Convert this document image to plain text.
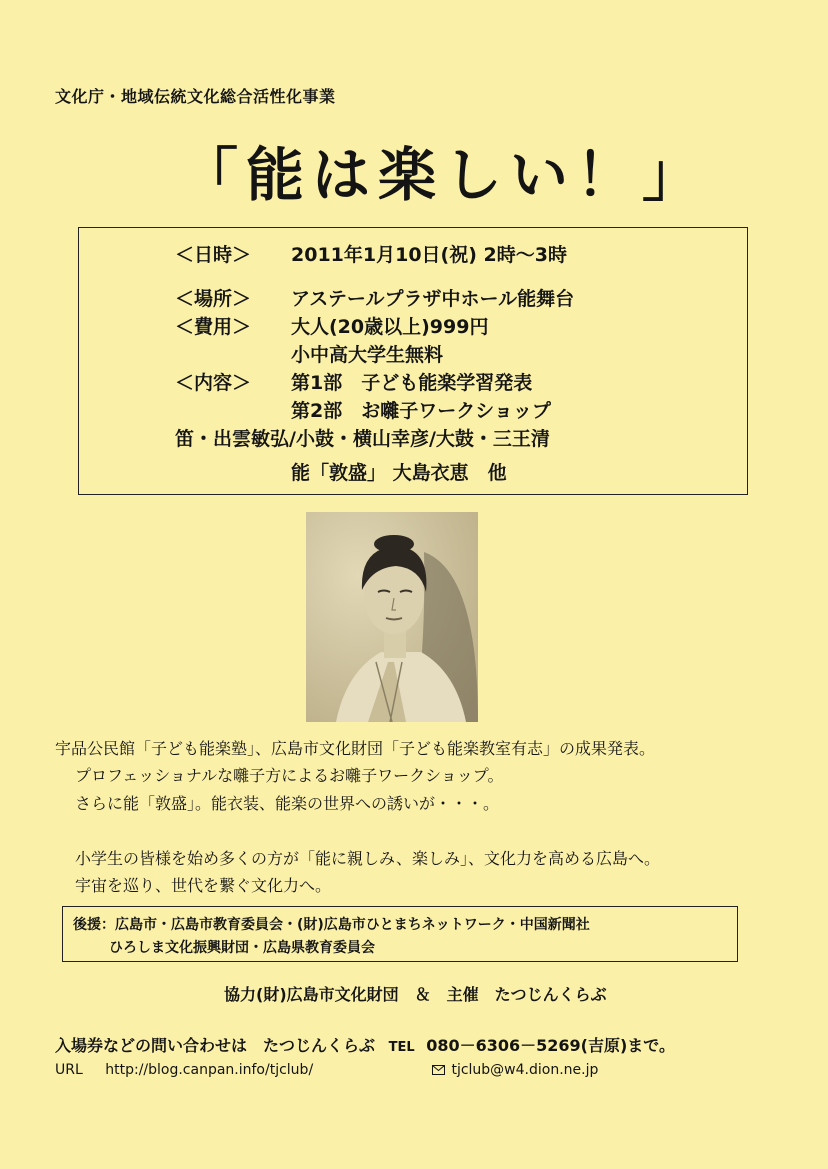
文化庁・地域伝統文化総合活性化事業
「能は楽しい！」
＜日時＞ 2011年1月10日(祝) 2時～3時
＜場所＞ アステールプラザ中ホール能舞台
＜費用＞ 大人(20歳以上)999円
小中高大学生無料
＜内容＞ 第1部　子ども能楽学習発表
第2部　お囃子ワークショップ
笛・出雲敏弘/小鼓・横山幸彦/大鼓・三王清
能「敦盛」 大島衣恵　他
宇品公民館「子ども能楽塾」、広島市文化財団「子ども能楽教室有志」の成果発表。
プロフェッショナルな囃子方によるお囃子ワークショップ。
さらに能「敦盛」。能衣装、能楽の世界への誘いが・・・。
小学生の皆様を始め多くの方が「能に親しみ、楽しみ」、文化力を高める広島へ。
宇宙を巡り、世代を繋ぐ文化力へ。
後援：広島市・広島市教育委員会・(財)広島市ひとまちネットワーク・中国新聞社
ひろしま文化振興財団・広島県教育委員会
協力(財)広島市文化財団　＆　主催　たつじんくらぶ
入場券などの問い合わせは　たつじんくらぶ TEL 080－6306－5269(吉原)まで。
URL http://blog.canpan.info/tjclub/	tjclub@w4.dion.ne.jp
